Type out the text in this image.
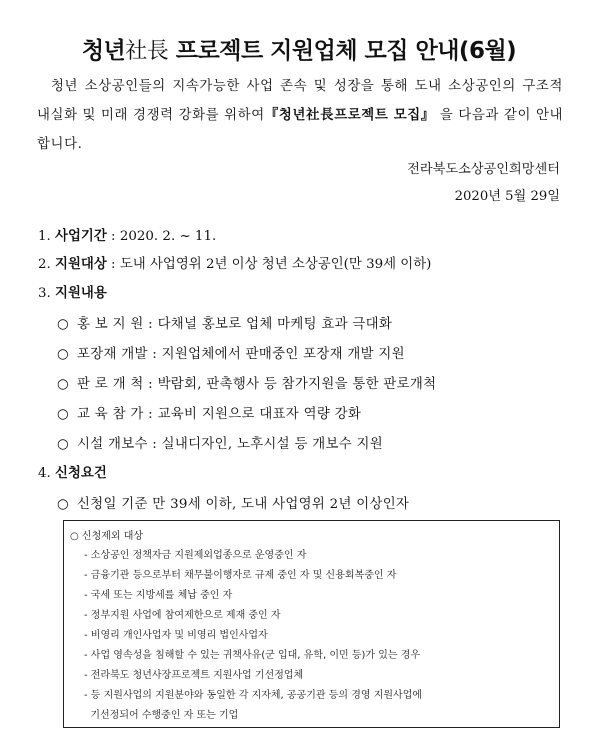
청년社長 프로젝트 지원업체 모집 안내(6월)
청년 소상공인들의 지속가능한 사업 존속 및 성장을 통해 도내 소상공인의 구조적 내실화 및 미래 경쟁력 강화를 위하여『청년社長프로젝트 모집』 을 다음과 같이 안내합니다.
전라북도소상공인희망센터
2020년 5월 29일
1. 사업기간 : 2020. 2. ~ 11.
2. 지원대상 : 도내 사업영위 2년 이상 청년 소상공인(만 39세 이하)
3. 지원내용
○ 홍 보 지 원 : 다채널 홍보로 업체 마케팅 효과 극대화
○ 포장재 개발 : 지원업체에서 판매중인 포장재 개발 지원
○ 판 로 개 척 : 박람회, 판촉행사 등 참가지원을 통한 판로개척
○ 교 육 참 가 : 교육비 지원으로 대표자 역량 강화
○ 시설 개보수 : 실내디자인, 노후시설 등 개보수 지원
4. 신청요건
○ 신청일 기준 만 39세 이하, 도내 사업영위 2년 이상인자
○ 신청제외 대상
- 소상공인 정책자금 지원제외업종으로 운영중인 자
- 금융기관 등으로부터 채무불이행자로 규제 중인 자 및 신용회복중인 자
- 국세 또는 지방세를 체납 중인 자
- 정부지원 사업에 참여제한으로 제재 중인 자
- 비영리 개인사업자 및 비영리 법인사업자
- 사업 영속성을 침해할 수 있는 귀책사유(군 입대, 유학, 이민 등)가 있는 경우
- 전라북도 청년사장프로젝트 지원사업 기선정업체
- 등 지원사업의 지원분야와 동일한 각 지자체, 공공기관 등의 경영 지원사업에
기선정되어 수행중인 자 또는 기업
